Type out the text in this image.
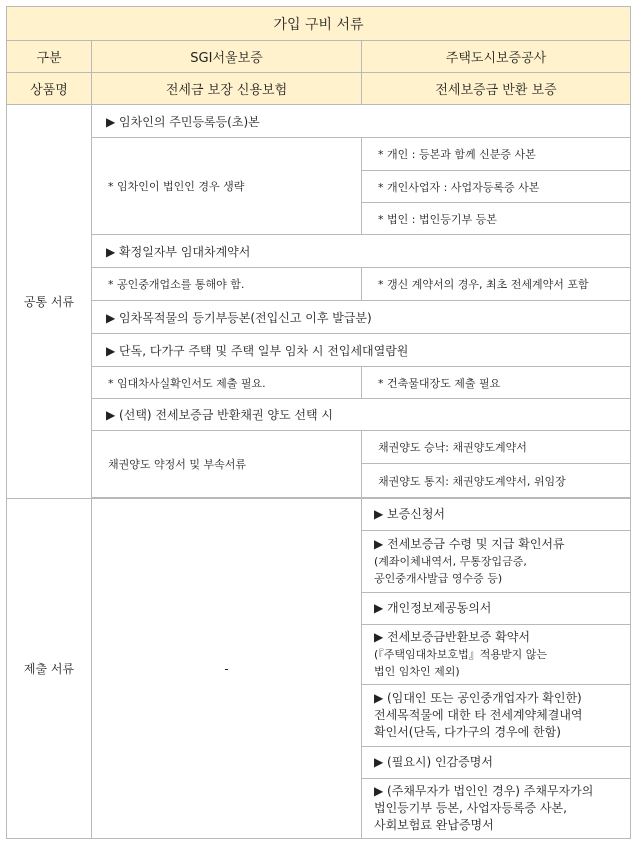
가입 구비 서류		
구분	SGI서울보증	주택도시보증공사
상품명	전세금 보장 신용보험	전세보증금 반환 보증
공통 서류	▶ 임차인의 주민등록등(초)본	
	* 임차인이 법인인 경우 생략	* 개인 : 등본과 함께 신분증 사본
		* 개인사업자 : 사업자등록증 사본
		* 법인 : 법인등기부 등본
	▶ 확정일자부 임대차계약서	
	* 공인중개업소를 통해야 함.	* 갱신 계약서의 경우, 최초 전세계약서 포함
	▶ 임차목적물의 등기부등본(전입신고 이후 발급분)	
	▶ 단독, 다가구 주택 및 주택 일부 임차 시 전입세대열람원	
	* 임대차사실확인서도 제출 필요.	* 건축물대장도 제출 필요
	▶ (선택) 전세보증금 반환채권 양도 선택 시	
	채권양도 약정서 및 부속서류	채권양도 승낙: 채권양도계약서
		채권양도 통지: 채권양도계약서, 위임장

제출 서류	-	▶ 보증신청서

		▶ 전세보증금 수령 및 지급 확인서류
(계좌이체내역서, 무통장입금증,
공인중개사발급 영수증 등)

		▶ 개인정보제공동의서

		▶ 전세보증금반환보증 확약서
(『주택임대차보호법』적용받지 않는
법인 임차인 제외)

		▶ (임대인 또는 공인중개업자가 확인한)
전세목적물에 대한 타 전세계약체결내역
확인서(단독, 다가구의 경우에 한함)

		▶ (필요시) 인감증명서

		▶ (주채무자가 법인인 경우) 주채무자가의
법인등기부 등본, 사업자등록증 사본,
사회보험료 완납증명서
